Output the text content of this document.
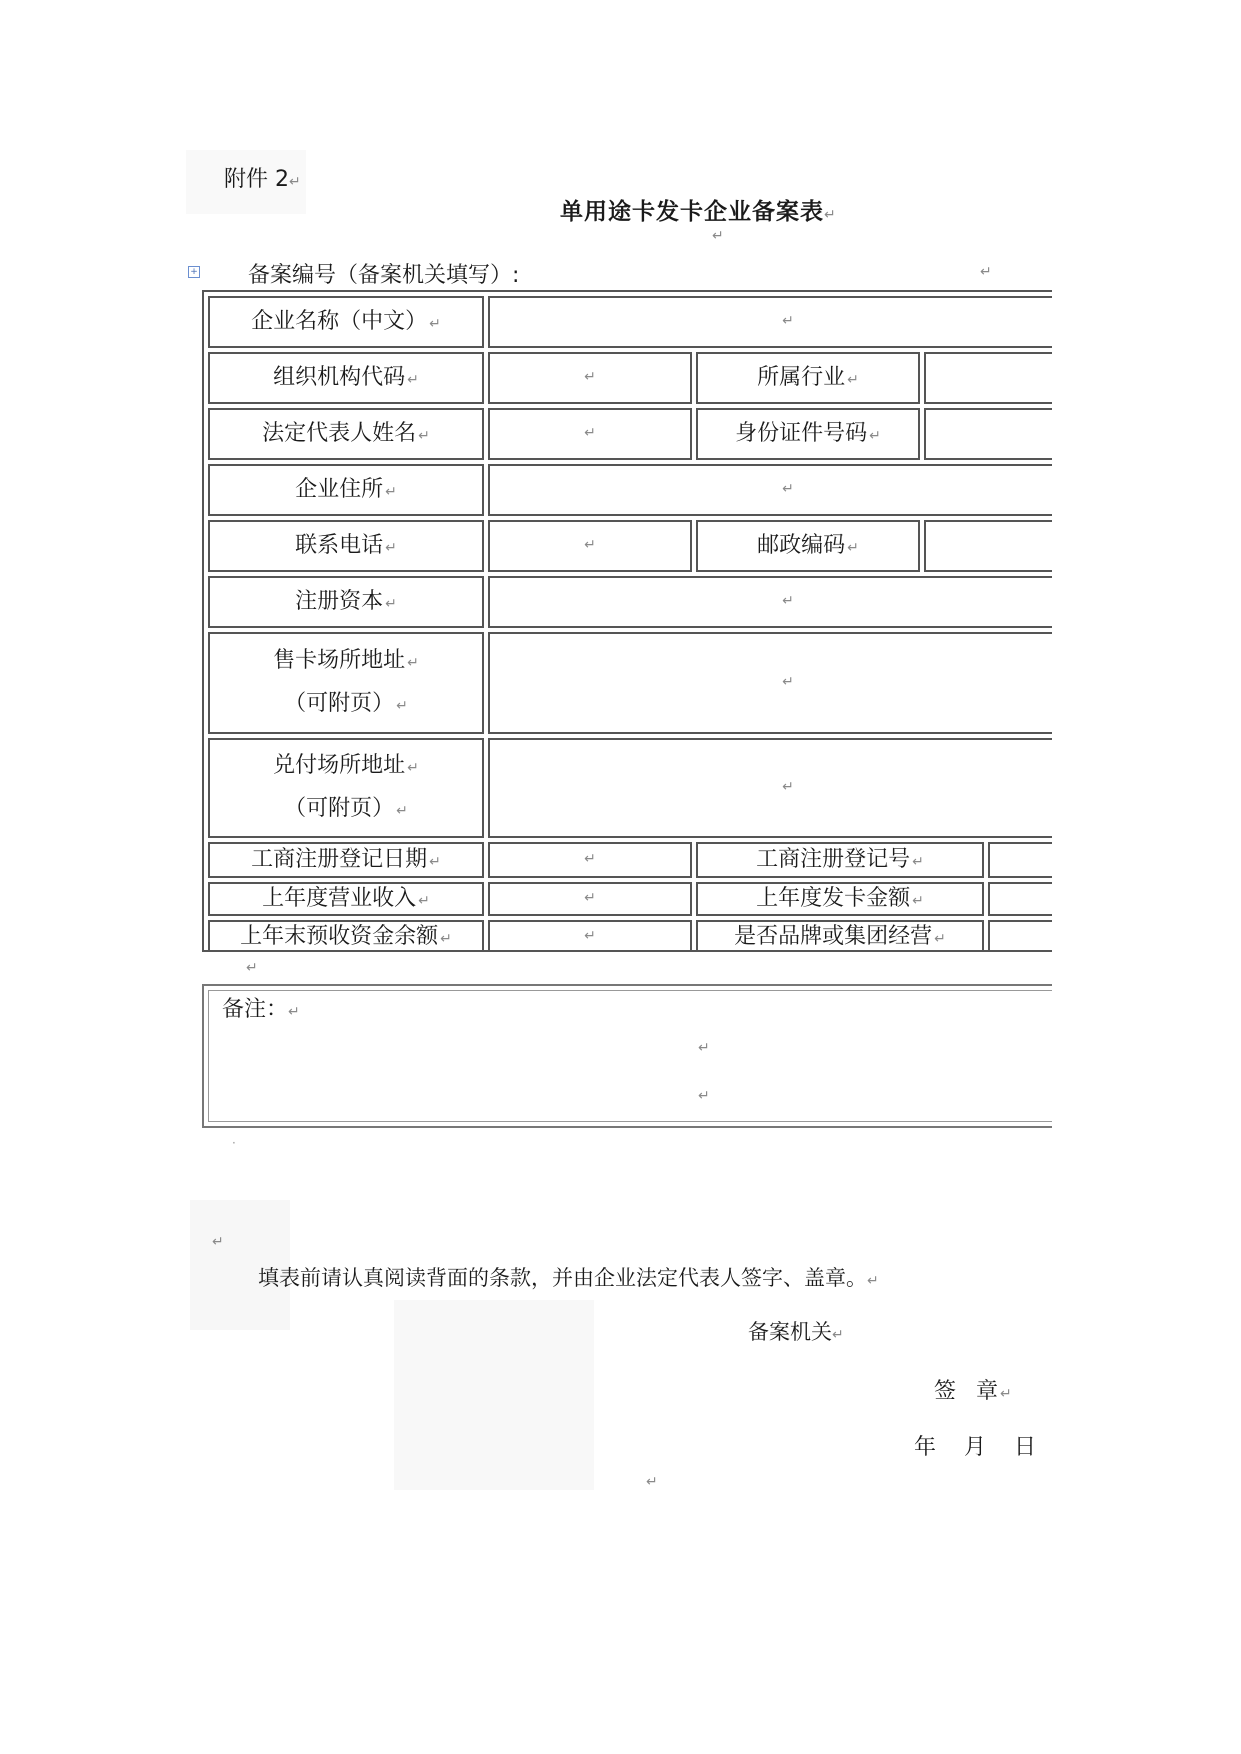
附件 2↵
单用途卡发卡企业备案表↵
↵
+ 备案编号（备案机关填写）:	↵
企业名称（中文） ↵	↵
组织机构代码 ↵	↵	所属行业 ↵
法定代表人姓名 ↵	↵	身份证件号码 ↵
企业住所 ↵	↵
联系电话 ↵	↵	邮政编码 ↵
注册资本 ↵	↵
售卡场所地址 ↵
（可附页） ↵
↵
兑付场所地址 ↵
（可附页） ↵
↵
工商注册登记日期 ↵	↵	工商注册登记号 ↵
上年度营业收入 ↵	↵	上年度发卡金额 ↵
上年末预收资金余额 ↵	↵	是否品牌或集团经营 ↵
↵
备注：↵
↵
↵
·
↵
填表前请认真阅读背面的条款，并由企业法定代表人签字、盖章。↵
备案机关↵
签  章↵
年    月    日
↵
